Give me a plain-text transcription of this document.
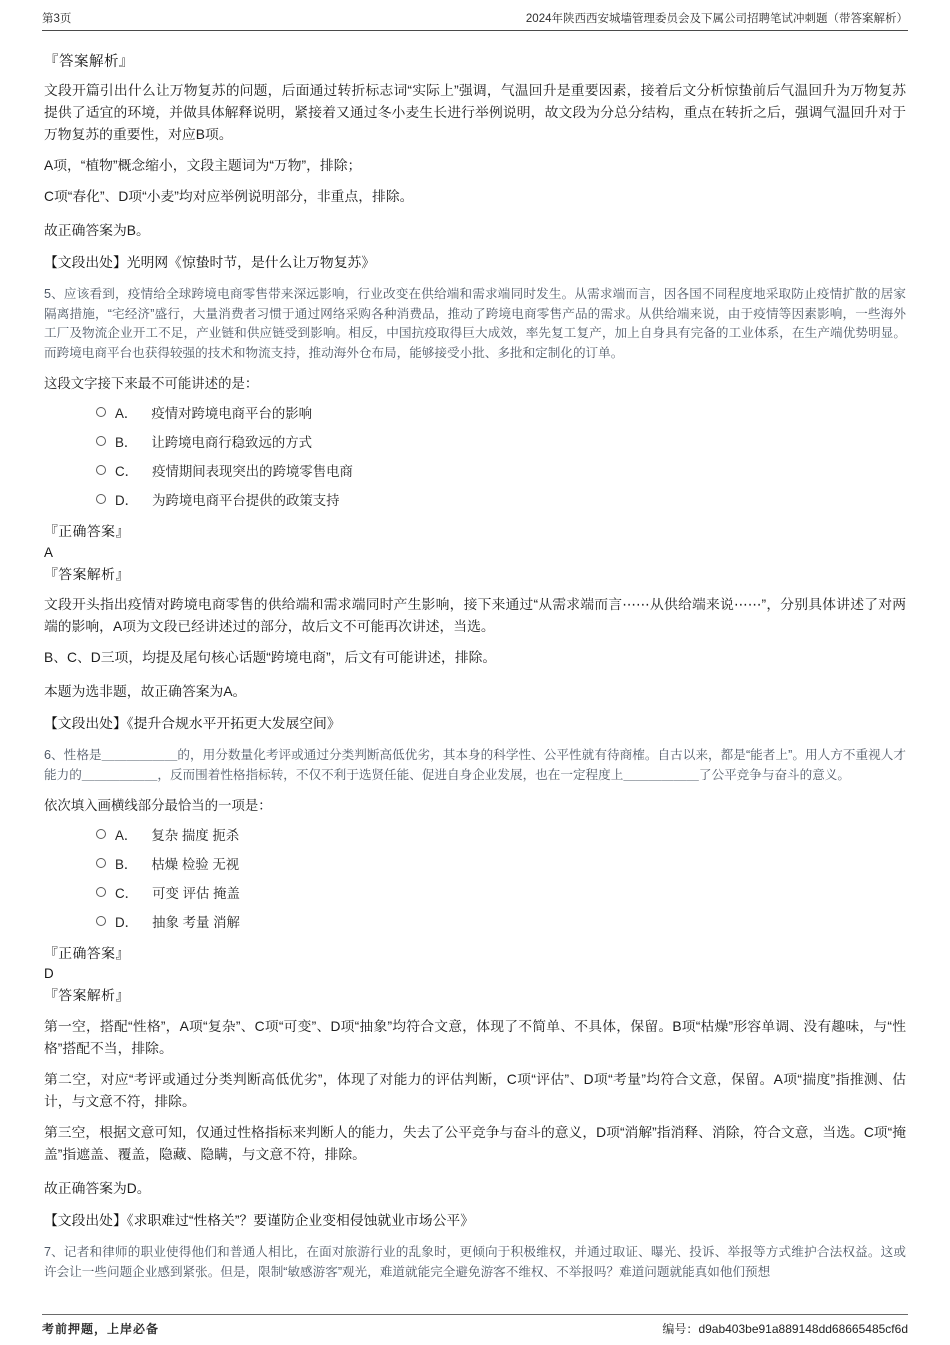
第3页	2024年陕西西安城墙管理委员会及下属公司招聘笔试冲刺题（带答案解析）
『答案解析』

文段开篇引出什么让万物复苏的问题，后面通过转折标志词“实际上”强调，气温回升是重要因素，接着后文分析惊蛰前后气温回升为万物复苏提供了适宜的环境，并做具体解释说明，紧接着又通过冬小麦生长进行举例说明，故文段为分总分结构，重点在转折之后，强调气温回升对于万物复苏的重要性，对应B项。

A项，“植物”概念缩小，文段主题词为“万物”，排除；

C项“春化”、D项“小麦”均对应举例说明部分，非重点，排除。

故正确答案为B。

【文段出处】光明网《惊蛰时节，是什么让万物复苏》

5、应该看到，疫情给全球跨境电商零售带来深远影响，行业改变在供给端和需求端同时发生。从需求端而言，因各国不同程度地采取防止疫情扩散的居家隔离措施，“宅经济”盛行，大量消费者习惯于通过网络采购各种消费品，推动了跨境电商零售产品的需求。从供给端来说，由于疫情等因素影响，一些海外工厂及物流企业开工不足，产业链和供应链受到影响。相反，中国抗疫取得巨大成效，率先复工复产，加上自身具有完备的工业体系，在生产端优势明显。而跨境电商平台也获得较强的技术和物流支持，推动海外仓布局，能够接受小批、多批和定制化的订单。

这段文字接下来最不可能讲述的是：

A． 疫情对跨境电商平台的影响
B． 让跨境电商行稳致远的方式
C． 疫情期间表现突出的跨境零售电商
D． 为跨境电商平台提供的政策支持
『正确答案』
A
『答案解析』

文段开头指出疫情对跨境电商零售的供给端和需求端同时产生影响，接下来通过“从需求端而言⋯⋯从供给端来说⋯⋯”，分别具体讲述了对两端的影响，A项为文段已经讲述过的部分，故后文不可能再次讲述，当选。

B、C、D三项，均提及尾句核心话题“跨境电商”，后文有可能讲述，排除。

本题为选非题，故正确答案为A。

【文段出处】《提升合规水平开拓更大发展空间》

6、性格是＿＿＿＿＿＿的，用分数量化考评或通过分类判断高低优劣，其本身的科学性、公平性就有待商榷。自古以来，都是“能者上”。用人方不重视人才能力的＿＿＿＿＿＿，反而围着性格指标转，不仅不利于选贤任能、促进自身企业发展，也在一定程度上＿＿＿＿＿＿了公平竞争与奋斗的意义。

依次填入画横线部分最恰当的一项是：

A． 复杂 揣度 扼杀
B． 枯燥 检验 无视
C． 可变 评估 掩盖
D． 抽象 考量 消解
『正确答案』
D
『答案解析』

第一空，搭配“性格”，A项“复杂”、C项“可变”、D项“抽象”均符合文意，体现了不简单、不具体，保留。B项“枯燥”形容单调、没有趣味，与“性格”搭配不当，排除。

第二空，对应“考评或通过分类判断高低优劣”，体现了对能力的评估判断，C项“评估”、D项“考量”均符合文意，保留。A项“揣度”指推测、估计，与文意不符，排除。

第三空，根据文意可知，仅通过性格指标来判断人的能力，失去了公平竞争与奋斗的意义，D项“消解”指消释、消除，符合文意，当选。C项“掩盖”指遮盖、覆盖，隐藏、隐瞒，与文意不符，排除。

故正确答案为D。

【文段出处】《求职难过“性格关”？要谨防企业变相侵蚀就业市场公平》

7、记者和律师的职业使得他们和普通人相比，在面对旅游行业的乱象时，更倾向于积极维权，并通过取证、曝光、投诉、举报等方式维护合法权益。这或许会让一些问题企业感到紧张。但是，限制“敏感游客”观光，难道就能完全避免游客不维权、不举报吗？难道问题就能真如他们预想

考前押题，上岸必备	编号：d9ab403be91a889148dd68665485cf6d
